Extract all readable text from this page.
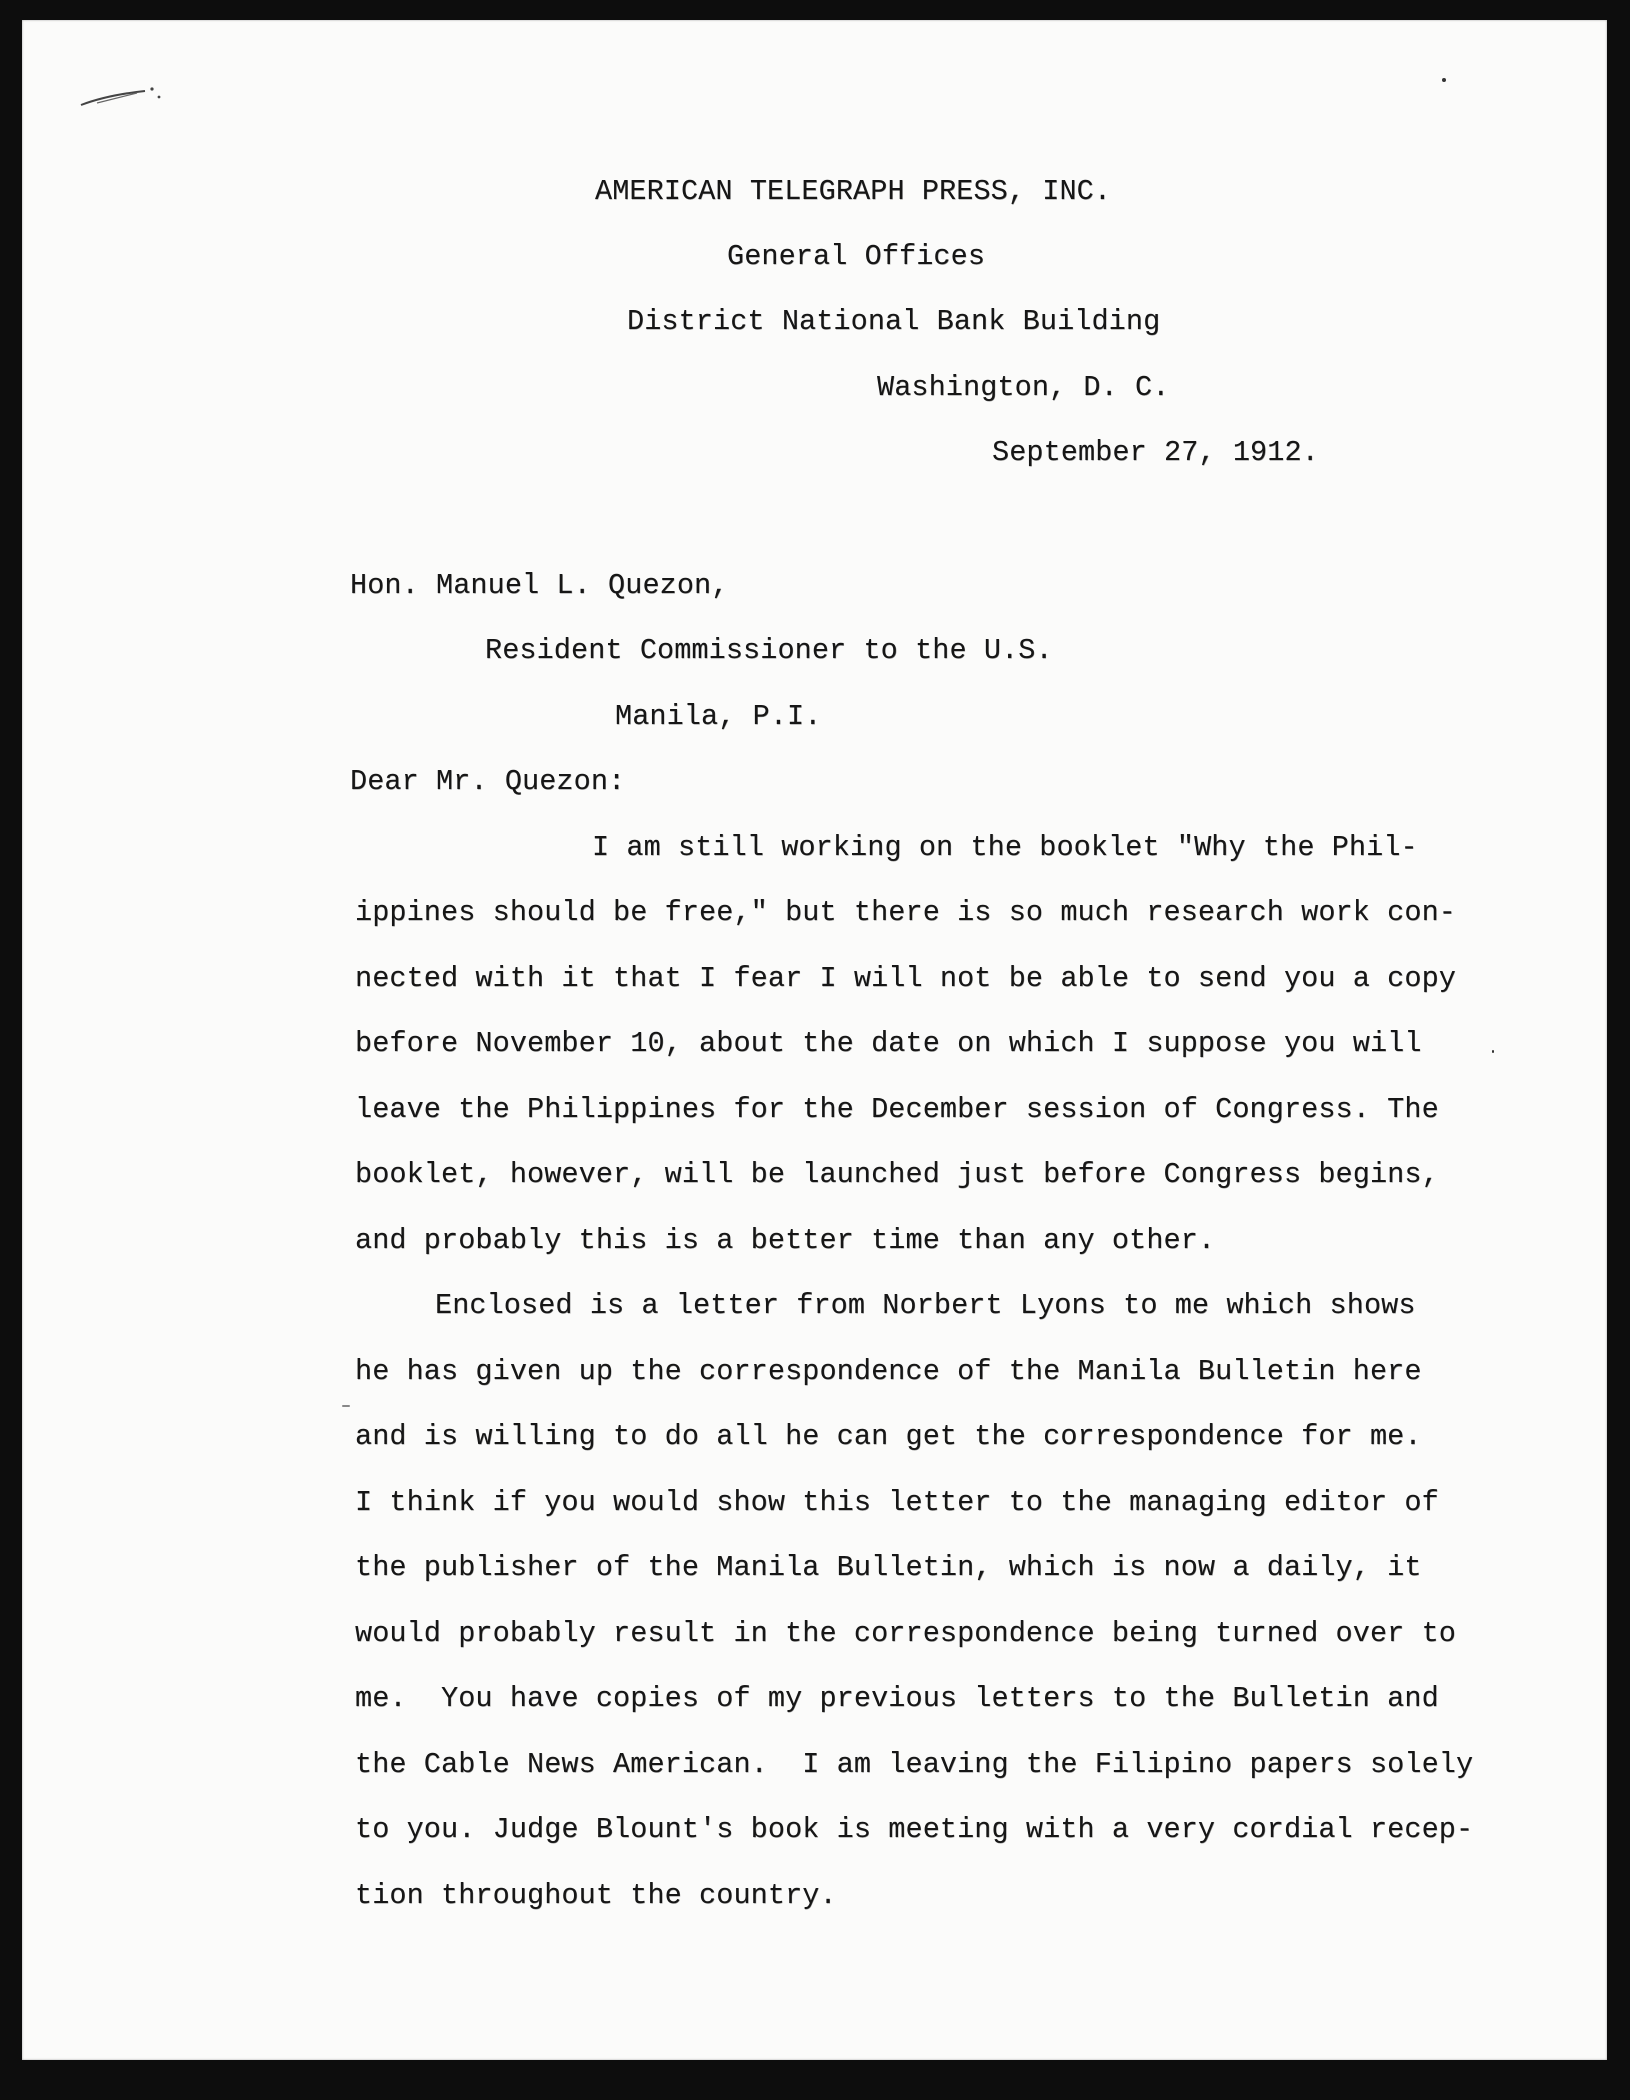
AMERICAN TELEGRAPH PRESS, INC.
General Offices
District National Bank Building
Washington, D. C.
September 27, 1912.
Hon. Manuel L. Quezon,
Resident Commissioner to the U.S.
Manila, P.I.
Dear Mr. Quezon:
I am still working on the booklet "Why the Phil-
ippines should be free," but there is so much research work con-
nected with it that I fear I will not be able to send you a copy
before November 10, about the date on which I suppose you will
leave the Philippines for the December session of Congress. The
booklet, however, will be launched just before Congress begins,
and probably this is a better time than any other.
Enclosed is a letter from Norbert Lyons to me which shows
he has given up the correspondence of the Manila Bulletin here
and is willing to do all he can get the correspondence for me.
I think if you would show this letter to the managing editor of
the publisher of the Manila Bulletin, which is now a daily, it
would probably result in the correspondence being turned over to
me.  You have copies of my previous letters to the Bulletin and
the Cable News American.  I am leaving the Filipino papers solely
to you. Judge Blount's book is meeting with a very cordial recep-
tion throughout the country.
